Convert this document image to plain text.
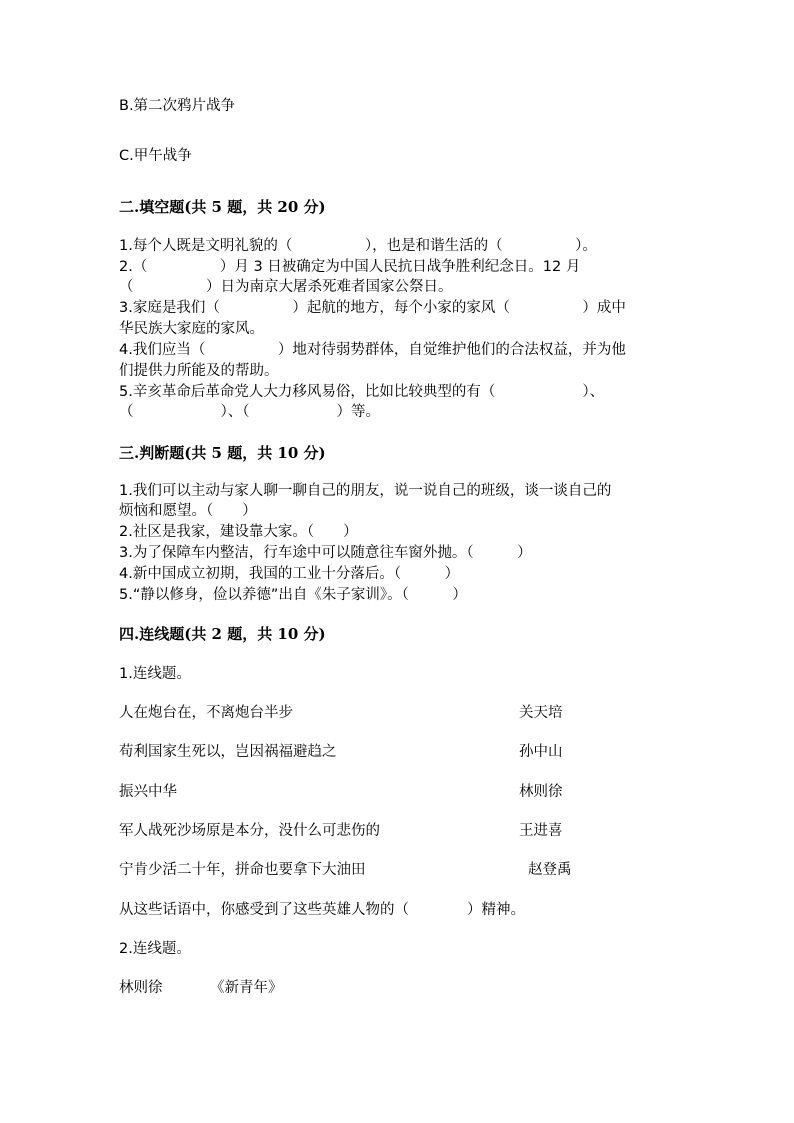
B.第二次鸦片战争
C.甲午战争
二.填空题(共 5 题，共 20 分)
1.每个人既是文明礼貌的（　　　　　），也是和谐生活的（　　　　　）。
2.（　　　　　）月 3 日被确定为中国人民抗日战争胜利纪念日。12 月
（　　　　　）日为南京大屠杀死难者国家公祭日。
3.家庭是我们（　　　　　）起航的地方，每个小家的家风（　　　　　）成中
华民族大家庭的家风。
4.我们应当（　　　　　）地对待弱势群体，自觉维护他们的合法权益，并为他
们提供力所能及的帮助。
5.辛亥革命后革命党人大力移风易俗，比如比较典型的有（　　　　　　）、
（　　　　　　）、（　　　　　　）等。
三.判断题(共 5 题，共 10 分)
1.我们可以主动与家人聊一聊自己的朋友，说一说自己的班级，谈一谈自己的
烦恼和愿望。（　　）
2.社区是我家，建设靠大家。（　　）
3.为了保障车内整洁，行车途中可以随意往车窗外抛。（　　　）
4.新中国成立初期，我国的工业十分落后。（　　　）
5.“静以修身，俭以养德”出自《朱子家训》。（　　　）
四.连线题(共 2 题，共 10 分)
1.连线题。
人在炮台在，不离炮台半步	关天培
苟利国家生死以，岂因祸福避趋之	孙中山
振兴中华	林则徐
军人战死沙场原是本分，没什么可悲伤的	王进喜
宁肯少活二十年，拼命也要拿下大油田	赵登禹
从这些话语中，你感受到了这些英雄人物的（　　　　）精神。
2.连线题。
林则徐	《新青年》
